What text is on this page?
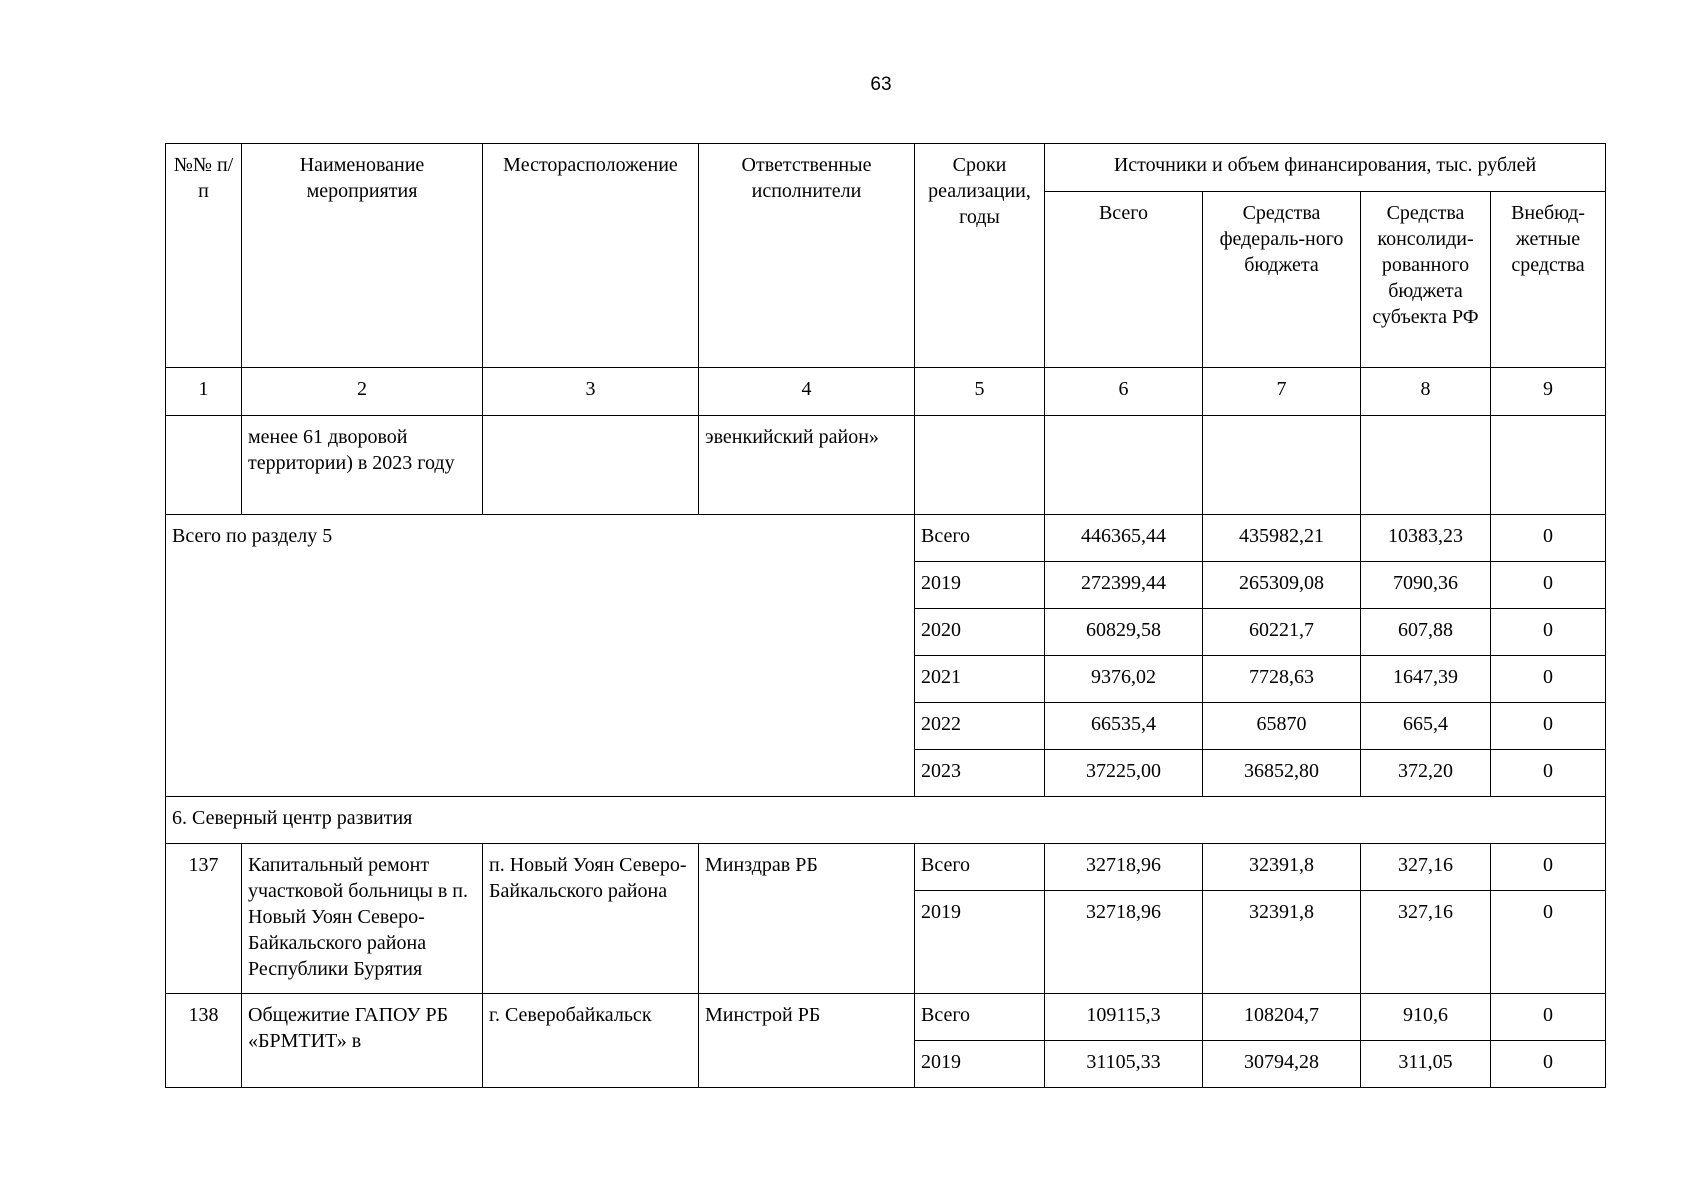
63
№№ п/п	Наименование мероприятия	Месторасположение	Ответственные исполнители	Сроки реализации, годы	Источники и объем финансирования, тыс. рублей			
					Всего	Средства федераль-ного бюджета	Средства консолиди-рованного бюджета субъекта РФ	Внебюд-жетные средства
1	2	3	4	5	6	7	8	9
	менее 61 дворовой территории) в 2023 году		эвенкийский район»					
Всего по разделу 5				Всего	446365,44	435982,21	10383,23	0
				2019	272399,44	265309,08	7090,36	0
				2020	60829,58	60221,7	607,88	0
				2021	9376,02	7728,63	1647,39	0
				2022	66535,4	65870	665,4	0
				2023	37225,00	36852,80	372,20	0
6. Северный центр развития								
137	Капитальный ремонт участковой больницы в п. Новый Уоян Северо-Байкальского района Республики Бурятия	п. Новый Уоян Северо-Байкальского района	Минздрав РБ	Всего	32718,96	32391,8	327,16	0
				2019	32718,96	32391,8	327,16	0
138	Общежитие ГАПОУ РБ «БРМТИТ» в	г. Северобайкальск	Минстрой РБ	Всего	109115,3	108204,7	910,6	0
				2019	31105,33	30794,28	311,05	0
